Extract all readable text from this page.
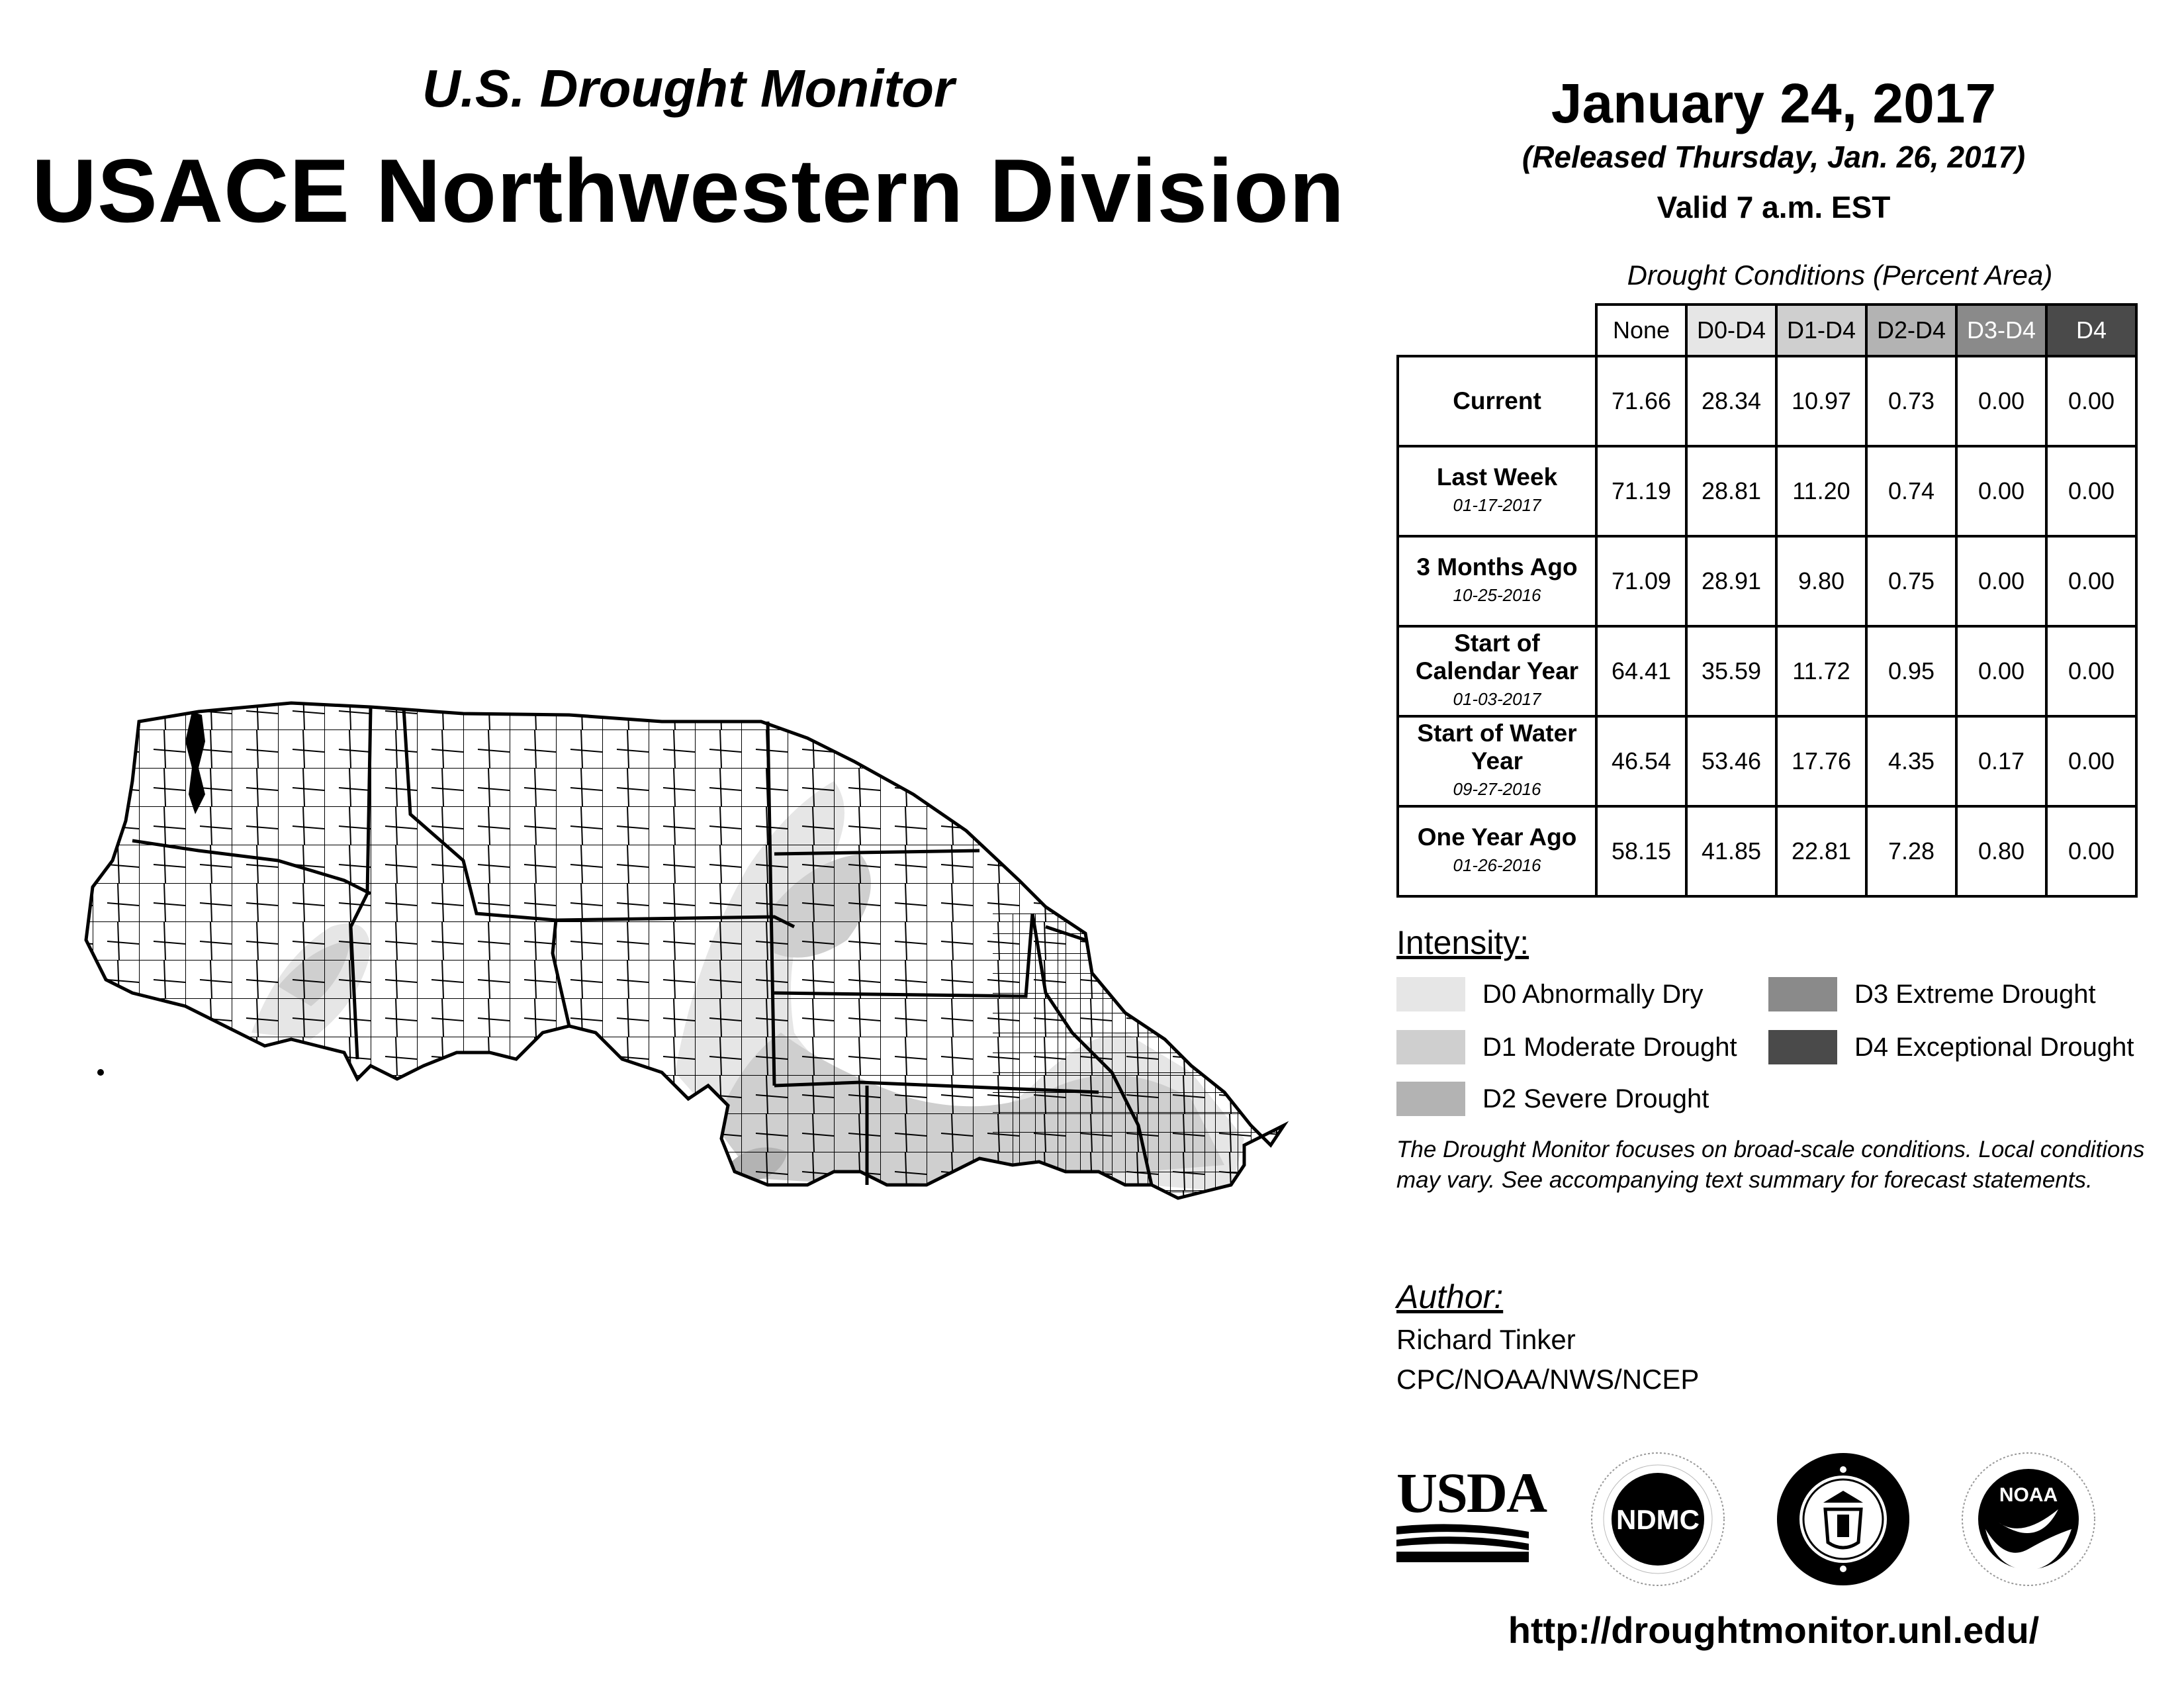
U.S. Drought Monitor
USACE Northwestern Division
January 24, 2017
(Released Thursday, Jan. 26, 2017)
Valid 7 a.m. EST
Drought Conditions (Percent Area)
	None	D0-D4	D1-D4	D2-D4	D3-D4	D4
Current	71.66	28.34	10.97	0.73	0.00	0.00
Last Week
01-17-2017	71.19	28.81	11.20	0.74	0.00	0.00
3 Months Ago
10-25-2016	71.09	28.91	9.80	0.75	0.00	0.00
Start of Calendar Year
01-03-2017	64.41	35.59	11.72	0.95	0.00	0.00
Start of Water Year
09-27-2016	46.54	53.46	17.76	4.35	0.17	0.00
One Year Ago
01-26-2016	58.15	41.85	22.81	7.28	0.80	0.00
Intensity:
D0 Abnormally Dry
D1 Moderate Drought
D2 Severe Drought
D3 Extreme Drought
D4 Exceptional Drought
The Drought Monitor focuses on broad-scale conditions. Local conditions may vary. See accompanying text summary for forecast statements.
Author:
Richard Tinker
CPC/NOAA/NWS/NCEP
USDA	NDMC
NOAA
http://droughtmonitor.unl.edu/
